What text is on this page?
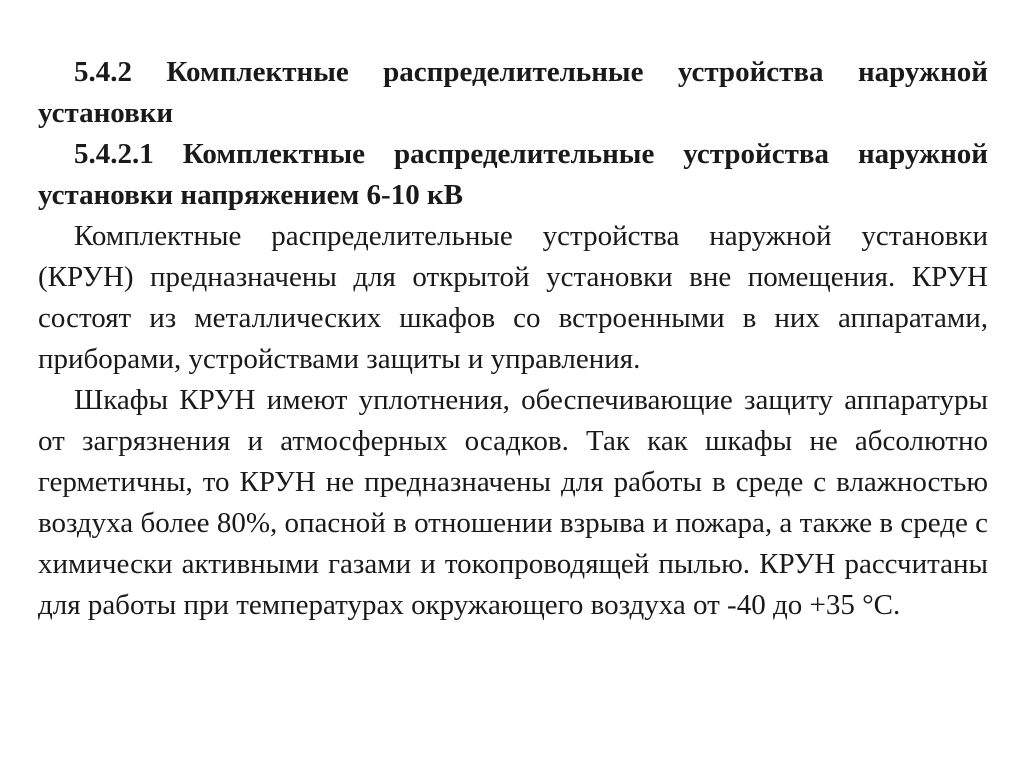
5.4.2 Комплектные распределительные устройства наружной установки

5.4.2.1 Комплектные распределительные устройства наружной установки напряжением 6-10 кВ

Комплектные распределительные устройства наружной установки (КРУН) предназначены для открытой установки вне помещения. КРУН состоят из металлических шкафов со встроенными в них аппаратами, приборами, устройствами защиты и управления.

Шкафы КРУН имеют уплотнения, обеспечивающие защиту аппаратуры от загрязнения и атмосферных осадков. Так как шкафы не абсолютно герметичны, то КРУН не предназначены для работы в среде с влажностью воздуха более 80%, опасной в отношении взрыва и пожара, а также в среде с химически активными газами и токопроводящей пылью. КРУН рассчитаны для работы при температурах окружающего воздуха от -40 до +35 °С.
